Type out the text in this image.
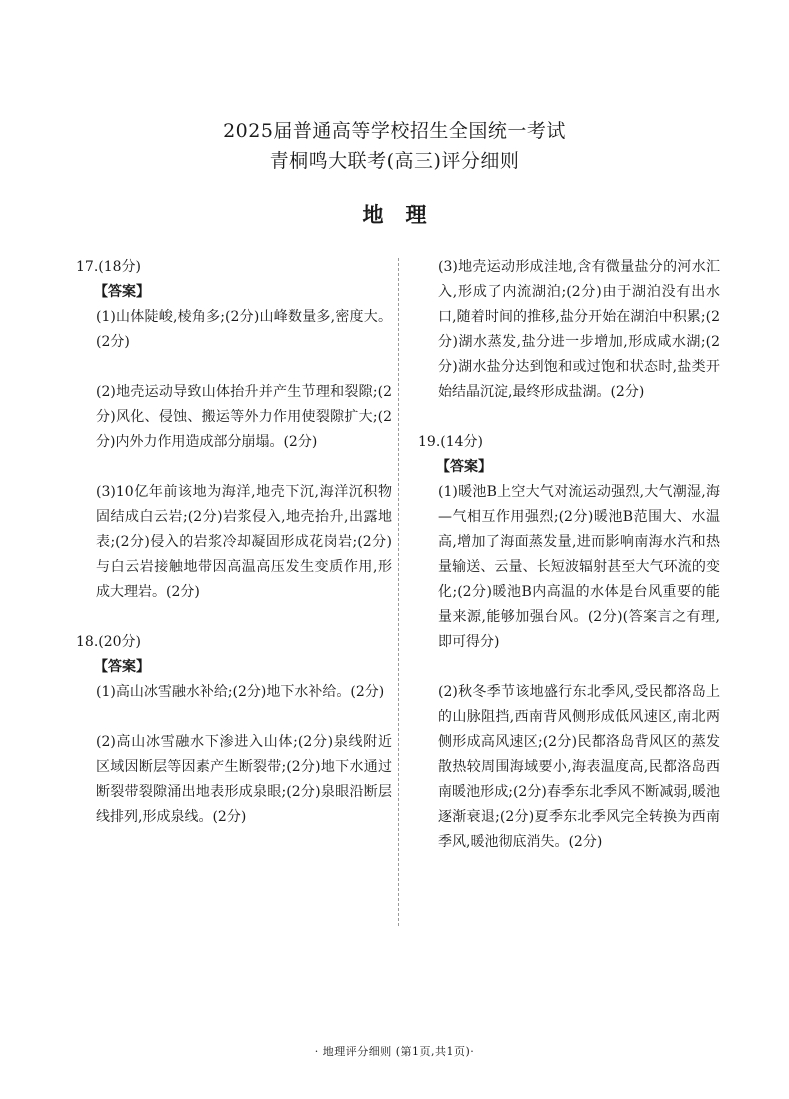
2025届普通高等学校招生全国统一考试
青桐鸣大联考(高三)评分细则
地理

17.(18分)

【答案】

(1)山体陡峻,棱角多;(2分)山峰数量多,密度大。(2分)

(2)地壳运动导致山体抬升并产生节理和裂隙;(2分)风化、侵蚀、搬运等外力作用使裂隙扩大;(2分)内外力作用造成部分崩塌。(2分)

(3)10亿年前该地为海洋,地壳下沉,海洋沉积物固结成白云岩;(2分)岩浆侵入,地壳抬升,出露地表;(2分)侵入的岩浆冷却凝固形成花岗岩;(2分)与白云岩接触地带因高温高压发生变质作用,形成大理岩。(2分)

18.(20分)

【答案】

(1)高山冰雪融水补给;(2分)地下水补给。(2分)

(2)高山冰雪融水下渗进入山体;(2分)泉线附近区域因断层等因素产生断裂带;(2分)地下水通过断裂带裂隙涌出地表形成泉眼;(2分)泉眼沿断层线排列,形成泉线。(2分)

(3)地壳运动形成洼地,含有微量盐分的河水汇入,形成了内流湖泊;(2分)由于湖泊没有出水口,随着时间的推移,盐分开始在湖泊中积累;(2分)湖水蒸发,盐分进一步增加,形成咸水湖;(2分)湖水盐分达到饱和或过饱和状态时,盐类开始结晶沉淀,最终形成盐湖。(2分)

19.(14分)

【答案】

(1)暖池B上空大气对流运动强烈,大气潮湿,海—气相互作用强烈;(2分)暖池B范围大、水温高,增加了海面蒸发量,进而影响南海水汽和热量输送、云量、长短波辐射甚至大气环流的变化;(2分)暖池B内高温的水体是台风重要的能量来源,能够加强台风。(2分)(答案言之有理,即可得分)

(2)秋冬季节该地盛行东北季风,受民都洛岛上的山脉阻挡,西南背风侧形成低风速区,南北两侧形成高风速区;(2分)民都洛岛背风区的蒸发散热较周围海域要小,海表温度高,民都洛岛西南暖池形成;(2分)春季东北季风不断减弱,暖池逐渐衰退;(2分)夏季东北季风完全转换为西南季风,暖池彻底消失。(2分)

· 地理评分细则 (第1页,共1页)·
